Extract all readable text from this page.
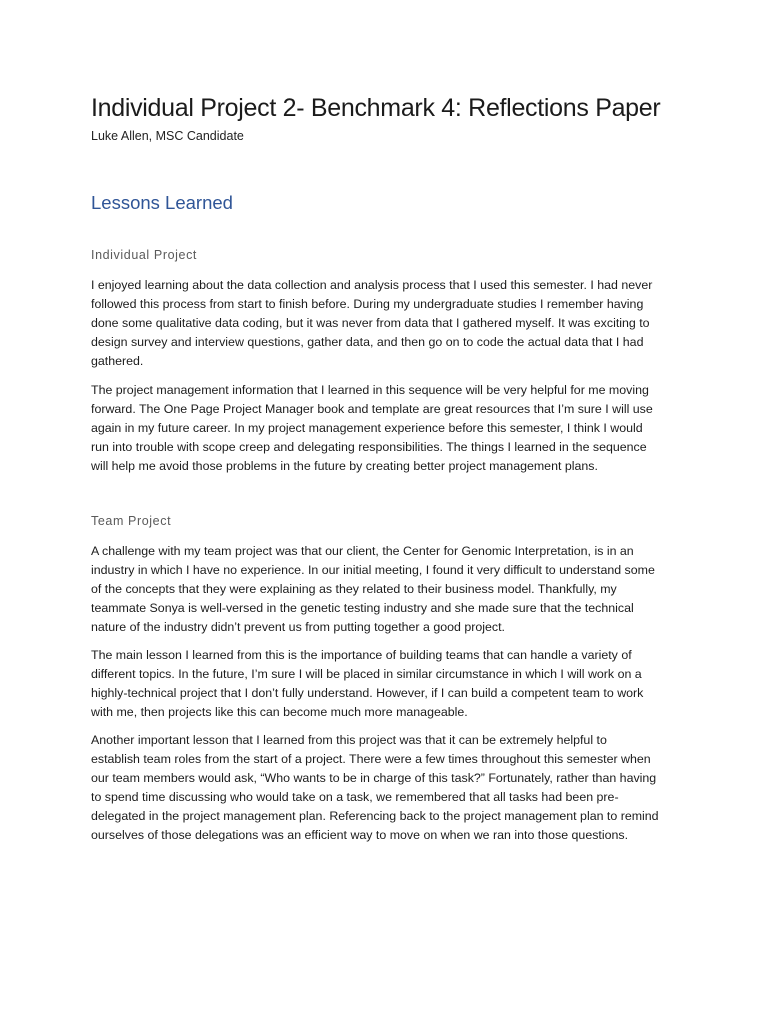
Individual Project 2- Benchmark 4: Reflections Paper

Luke Allen, MSC Candidate

Lessons Learned
Individual Project

I enjoyed learning about the data collection and analysis process that I used this semester. I had never
followed this process from start to finish before. During my undergraduate studies I remember having
done some qualitative data coding, but it was never from data that I gathered myself. It was exciting to
design survey and interview questions, gather data, and then go on to code the actual data that I had
gathered.

The project management information that I learned in this sequence will be very helpful for me moving
forward. The One Page Project Manager book and template are great resources that I’m sure I will use
again in my future career. In my project management experience before this semester, I think I would
run into trouble with scope creep and delegating responsibilities. The things I learned in the sequence
will help me avoid those problems in the future by creating better project management plans.

Team Project

A challenge with my team project was that our client, the Center for Genomic Interpretation, is in an
industry in which I have no experience. In our initial meeting, I found it very difficult to understand some
of the concepts that they were explaining as they related to their business model. Thankfully, my
teammate Sonya is well-versed in the genetic testing industry and she made sure that the technical
nature of the industry didn’t prevent us from putting together a good project.

The main lesson I learned from this is the importance of building teams that can handle a variety of
different topics. In the future, I’m sure I will be placed in similar circumstance in which I will work on a
highly-technical project that I don’t fully understand. However, if I can build a competent team to work
with me, then projects like this can become much more manageable.

Another important lesson that I learned from this project was that it can be extremely helpful to
establish team roles from the start of a project. There were a few times throughout this semester when
our team members would ask, “Who wants to be in charge of this task?” Fortunately, rather than having
to spend time discussing who would take on a task, we remembered that all tasks had been pre-
delegated in the project management plan. Referencing back to the project management plan to remind
ourselves of those delegations was an efficient way to move on when we ran into those questions.
